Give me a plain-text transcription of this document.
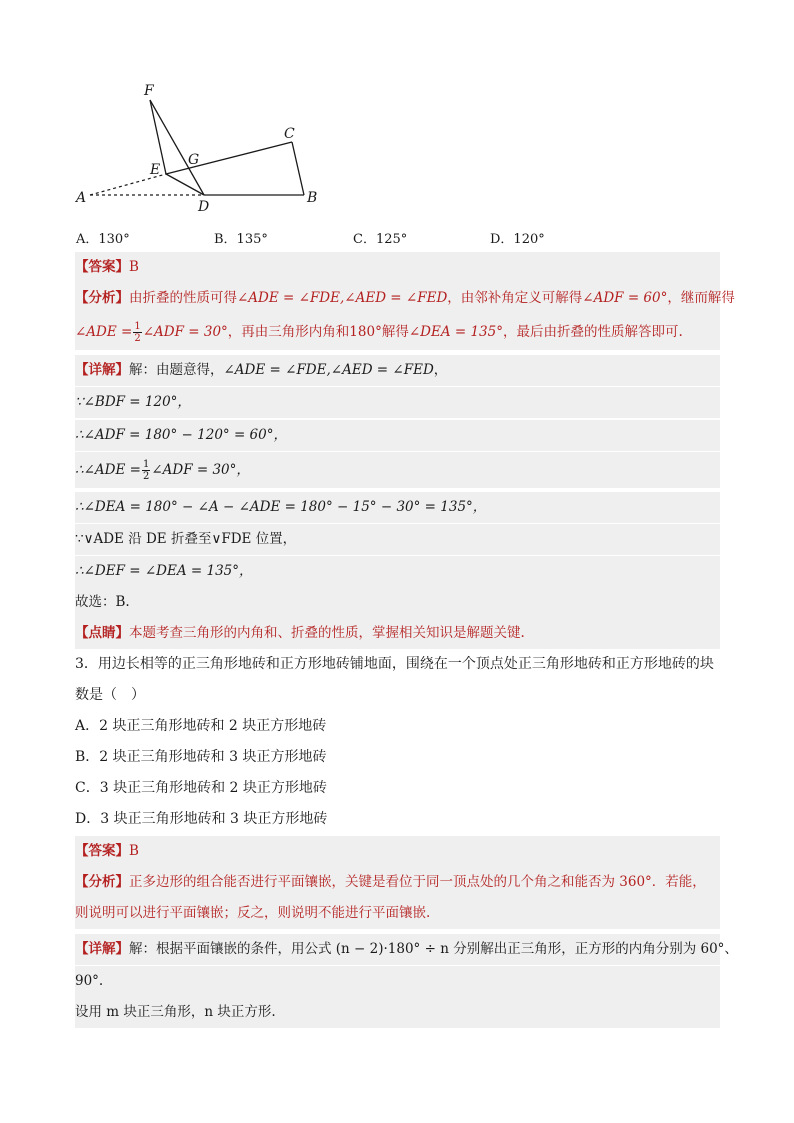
F
C
E
G
A
D
B
A．130°	B．135°	C．125°	D．120°
【答案】B
【分析】由折叠的性质可得∠ADE = ∠FDE,∠AED = ∠FED，由邻补角定义可解得∠ADF = 60°，继而解得
∠ADE = $\frac{1}{2}$ ∠ADF = 30°，再由三角形内角和180°解得∠DEA = 135°，最后由折叠的性质解答即可.
【详解】解：由题意得，∠ADE = ∠FDE,∠AED = ∠FED，
∵∠BDF = 120°，
∴∠ADF = 180° − 120° = 60°，
∴∠ADE = $\frac{1}{2}$ ∠ADF = 30°，
∴∠DEA = 180° − ∠A − ∠ADE = 180° − 15° − 30° = 135°，
∵∨ADE 沿 DE 折叠至∨FDE 位置，
∴∠DEF = ∠DEA = 135°，
故选：B.
【点睛】本题考查三角形的内角和、折叠的性质，掌握相关知识是解题关键.
3．用边长相等的正三角形地砖和正方形地砖铺地面，围绕在一个顶点处正三角形地砖和正方形地砖的块
数是（　）
A．2 块正三角形地砖和 2 块正方形地砖
B．2 块正三角形地砖和 3 块正方形地砖
C．3 块正三角形地砖和 2 块正方形地砖
D．3 块正三角形地砖和 3 块正方形地砖
【答案】B
【分析】正多边形的组合能否进行平面镶嵌，关键是看位于同一顶点处的几个角之和能否为 360°．若能，
则说明可以进行平面镶嵌；反之，则说明不能进行平面镶嵌.
【详解】解：根据平面镶嵌的条件，用公式 (n − 2)·180° ÷ n 分别解出正三角形，正方形的内角分别为 60°、
90°.
设用 m 块正三角形，n 块正方形.
